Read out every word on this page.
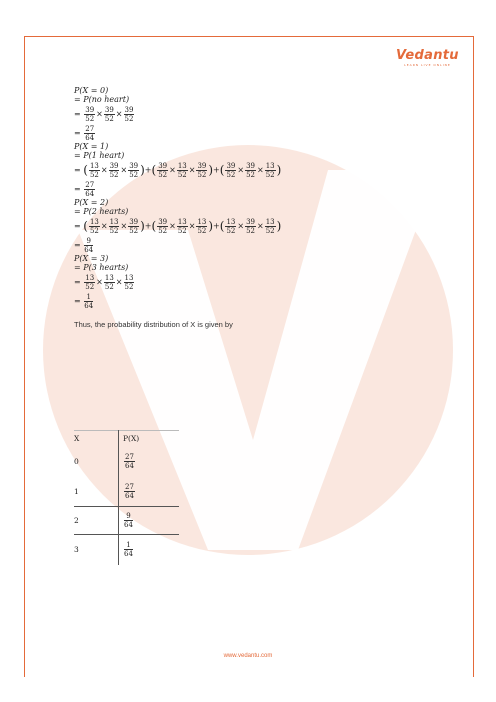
Vedantu
LEARN LIVE ONLINE
P(X = 0)
= P(no heart)
= $\frac{39}{52} \times \frac{39}{52} \times \frac{39}{52}$
= $\frac{27}{64}$
P(X = 1)
= P(1 heart)
= ( $\frac{13}{52} \times \frac{39}{52} \times \frac{39}{52}$ )+( $\frac{39}{52} \times \frac{13}{52} \times \frac{39}{52}$ )+( $\frac{39}{52} \times \frac{39}{52} \times \frac{13}{52}$ )
= $\frac{27}{64}$
P(X = 2)
= P(2 hearts)
= ( $\frac{13}{52} \times \frac{13}{52} \times \frac{39}{52}$ )+( $\frac{39}{52} \times \frac{13}{52} \times \frac{13}{52}$ )+( $\frac{13}{52} \times \frac{39}{52} \times \frac{13}{52}$ )
= $\frac{9}{64}$
P(X = 3)
= P(3 hearts)
= $\frac{13}{52} \times \frac{13}{52} \times \frac{13}{52}$
= $\frac{1}{64}$
Thus, the probability distribution of X is given by
X	P(X)
0	$\frac{27}{64}$

1	$\frac{27}{64}$

2	$\frac{9}{64}$

3	$\frac{1}{64}$
www.vedantu.com
